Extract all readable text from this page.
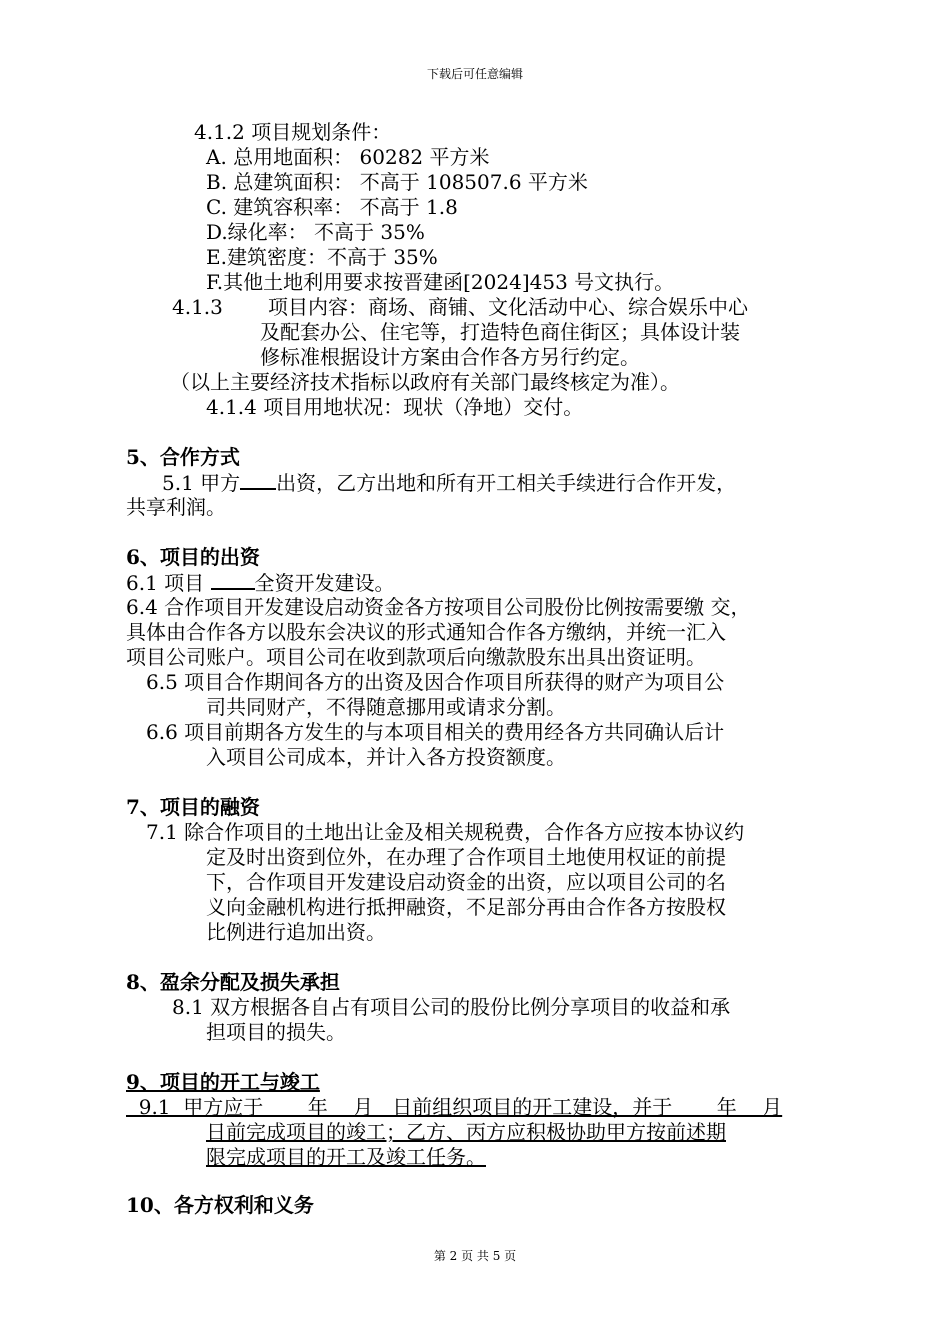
下载后可任意编辑
4.1.2 项目规划条件：
A. 总用地面积： 60282 平方米
B. 总建筑面积： 不高于 108507.6 平方米
C. 建筑容积率： 不高于 1.8
D.绿化率： 不高于 35%
E.建筑密度：不高于 35%
F.其他土地利用要求按晋建函[2024]453 号文执行。
4.1.3 项目内容：商场、商铺、文化活动中心、综合娱乐中心
及配套办公、住宅等，打造特色商住街区；具体设计装
修标准根据设计方案由合作各方另行约定。
（以上主要经济技术指标以政府有关部门最终核定为准）。
4.1.4 项目用地状况：现状（净地）交付。
5、合作方式
5.1 甲方 出资，乙方出地和所有开工相关手续进行合作开发，
共享利润。
6、项目的出资
6.1 项目 全资开发建设。
6.4 合作项目开发建设启动资金各方按项目公司股份比例按需要缴 交，
具体由合作各方以股东会决议的形式通知合作各方缴纳，并统一汇入
项目公司账户。项目公司在收到款项后向缴款股东出具出资证明。
6.5 项目合作期间各方的出资及因合作项目所获得的财产为项目公
司共同财产，不得随意挪用或请求分割。
6.6 项目前期各方发生的与本项目相关的费用经各方共同确认后计
入项目公司成本，并计入各方投资额度。
7、项目的融资
7.1 除合作项目的土地出让金及相关规税费，合作各方应按本协议约
定及时出资到位外，在办理了合作项目土地使用权证的前提
下，合作项目开发建设启动资金的出资，应以项目公司的名
义向金融机构进行抵押融资，不足部分再由合作各方按股权
比例进行追加出资。
8、盈余分配及损失承担
8.1 双方根据各自占有项目公司的股份比例分享项目的收益和承
担项目的损失。
9、项目的开工与竣工
9.1  甲方应于       年    月   日前组织项目的开工建设，并于       年    月
日前完成项目的竣工；乙方、丙方应积极协助甲方按前述期
限完成项目的开工及竣工任务。
10、各方权利和义务
第 2 页 共 5 页
